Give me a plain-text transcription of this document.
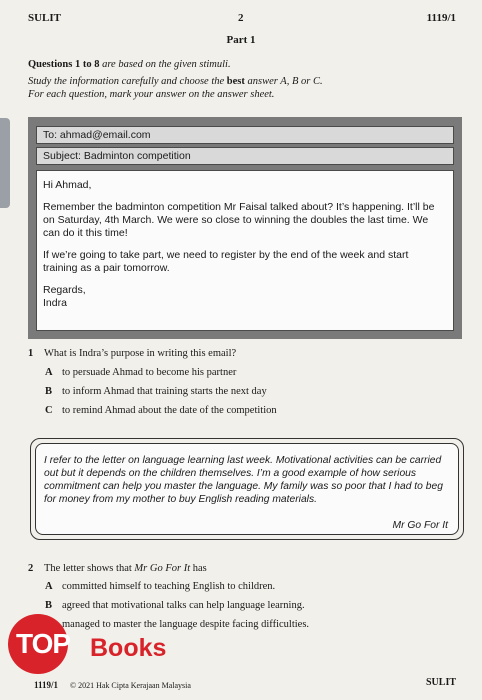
SULIT	2	1119/1
Part 1
Questions 1 to 8 are based on the given stimuli.
Study the information carefully and choose the best answer A, B or C.
For each question, mark your answer on the answer sheet.
To: ahmad@email.com
Subject: Badminton competition

Hi Ahmad,

Remember the badminton competition Mr Faisal talked about? It’s happening. It’ll be on Saturday, 4th March. We were so close to winning the doubles the last time. We can do it this time!

If we’re going to take part, we need to register by the end of the week and start training as a pair tomorrow.

Regards,

Indra

1 What is Indra’s purpose in writing this email?
A to persuade Ahmad to become his partner
B to inform Ahmad that training starts the next day
C to remind Ahmad about the date of the competition
I refer to the letter on language learning last week. Motivational activities can be carried out but it depends on the children themselves. I’m a good example of how serious commitment can help you master the language. My family was so poor that I had to beg for money from my mother to buy English reading materials.
Mr Go For It
2 The letter shows that Mr Go For It has
A committed himself to teaching English to children.
B agreed that motivational talks can help language learning.
managed to master the language despite facing difficulties.
1119/1 © 2021 Hak Cipta Kerajaan Malaysia	SULIT
TOP Books
